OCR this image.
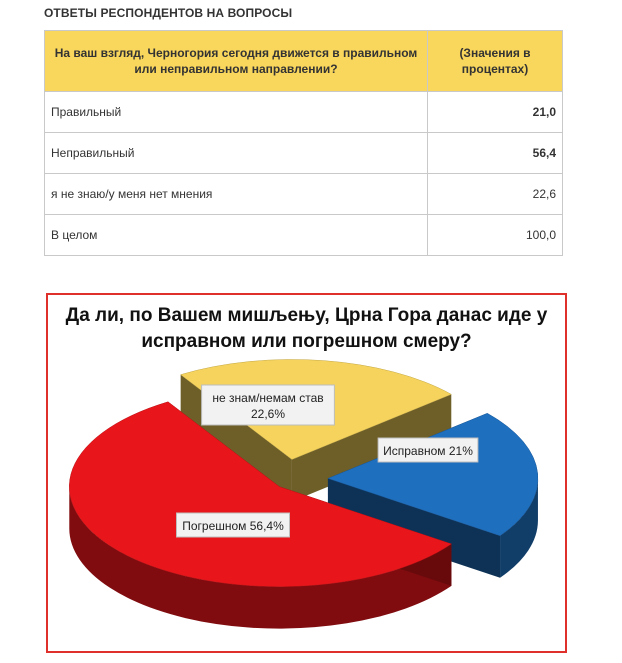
ОТВЕТЫ РЕСПОНДЕНТОВ НА ВОПРОСЫ
На ваш взгляд, Черногория сегодня движется в правильном или неправильном направлении?	(Значения в процентах)
Правильный	21,0
Неправильный	56,4
я не знаю/у меня нет мнения	22,6
В целом	100,0
Да ли, по Вашем мишљењу, Црна Гора данас иде у исправном или погрешном смеру?
не знам/немам став
22,6%
Исправном 21%
Погрешном 56,4%
